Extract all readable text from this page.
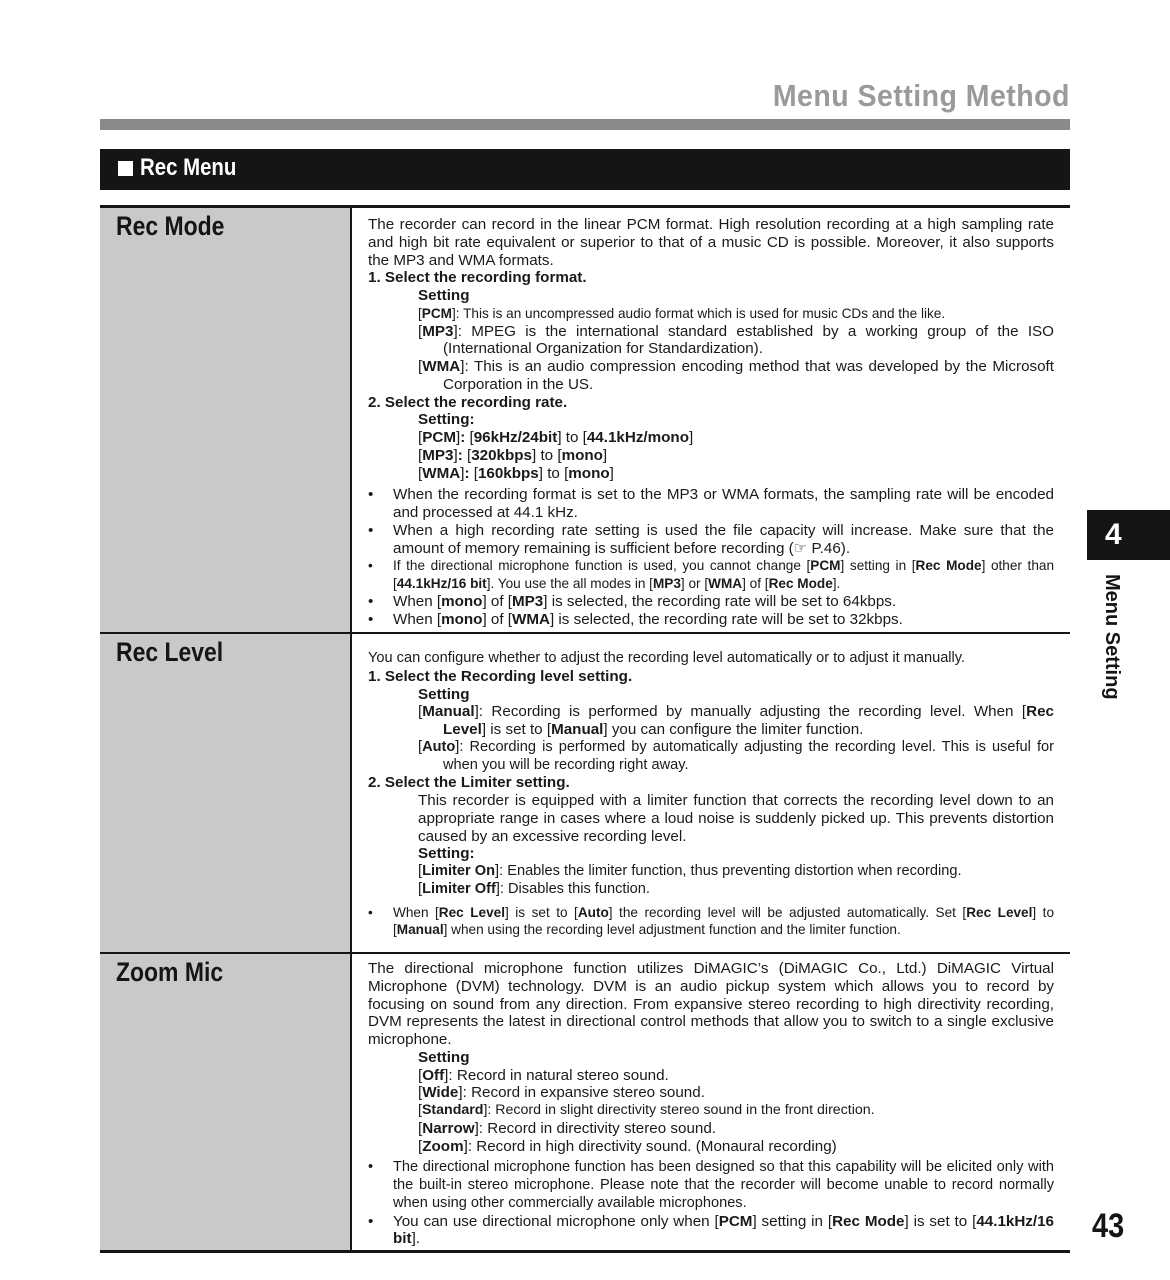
Menu Setting Method
Rec Menu
Rec Mode	The recorder can record in the linear PCM format. High resolution recording at a high sampling rate and high bit rate equivalent or superior to that of a music CD is possible. Moreover, it also supports the MP3 and WMA formats.

1. Select the recording format.

Setting

[PCM]: This is an uncompressed audio format which is used for music CDs and the like.

[MP3]: MPEG is the international standard established by a working group of the ISO (International Organization for Standardization).

[WMA]: This is an audio compression encoding method that was developed by the Microsoft Corporation in the US.

2. Select the recording rate.

Setting:

[PCM]: [96kHz/24bit] to [44.1kHz/mono]

[MP3]: [320kbps] to [mono]

[WMA]: [160kbps] to [mono]

• When the recording format is set to the MP3 or WMA formats, the sampling rate will be encoded and processed at 44.1 kHz.

• When a high recording rate setting is used the file capacity will increase. Make sure that the amount of memory remaining is sufficient before recording (☞ P.46).

• If the directional microphone function is used, you cannot change [PCM] setting in [Rec Mode] other than [44.1kHz/16 bit]. You use the all modes in [MP3] or [WMA] of [Rec Mode].

• When [mono] of [MP3] is selected, the recording rate will be set to 64kbps.

• When [mono] of [WMA] is selected, the recording rate will be set to 32kbps.

Rec Level	You can configure whether to adjust the recording level automatically or to adjust it manually.

1. Select the Recording level setting.

Setting

[Manual]: Recording is performed by manually adjusting the recording level. When [Rec Level] is set to [Manual] you can configure the limiter function.

[Auto]: Recording is performed by automatically adjusting the recording level. This is useful for when you will be recording right away.

2. Select the Limiter setting.

This recorder is equipped with a limiter function that corrects the recording level down to an appropriate range in cases where a loud noise is suddenly picked up. This prevents distortion caused by an excessive recording level.

Setting:

[Limiter On]: Enables the limiter function, thus preventing distortion when recording.

[Limiter Off]: Disables this function.

• When [Rec Level] is set to [Auto] the recording level will be adjusted automatically. Set [Rec Level] to [Manual] when using the recording level adjustment function and the limiter function.

Zoom Mic	The directional microphone function utilizes DiMAGIC’s (DiMAGIC Co., Ltd.) DiMAGIC Virtual Microphone (DVM) technology. DVM is an audio pickup system which allows you to record by focusing on sound from any direction. From expansive stereo recording to high directivity recording, DVM represents the latest in directional control methods that allow you to switch to a single exclusive microphone.

Setting

[Off]: Record in natural stereo sound.

[Wide]: Record in expansive stereo sound.

[Standard]: Record in slight directivity stereo sound in the front direction.

[Narrow]: Record in directivity stereo sound.

[Zoom]: Record in high directivity sound. (Monaural recording)

• The directional microphone function has been designed so that this capability will be elicited only with the built-in stereo microphone. Please note that the recorder will become unable to record normally when using other commercially available microphones.

• You can use directional microphone only when [PCM] setting in [Rec Mode] is set to [44.1kHz/16 bit].

4
Menu Setting
43
